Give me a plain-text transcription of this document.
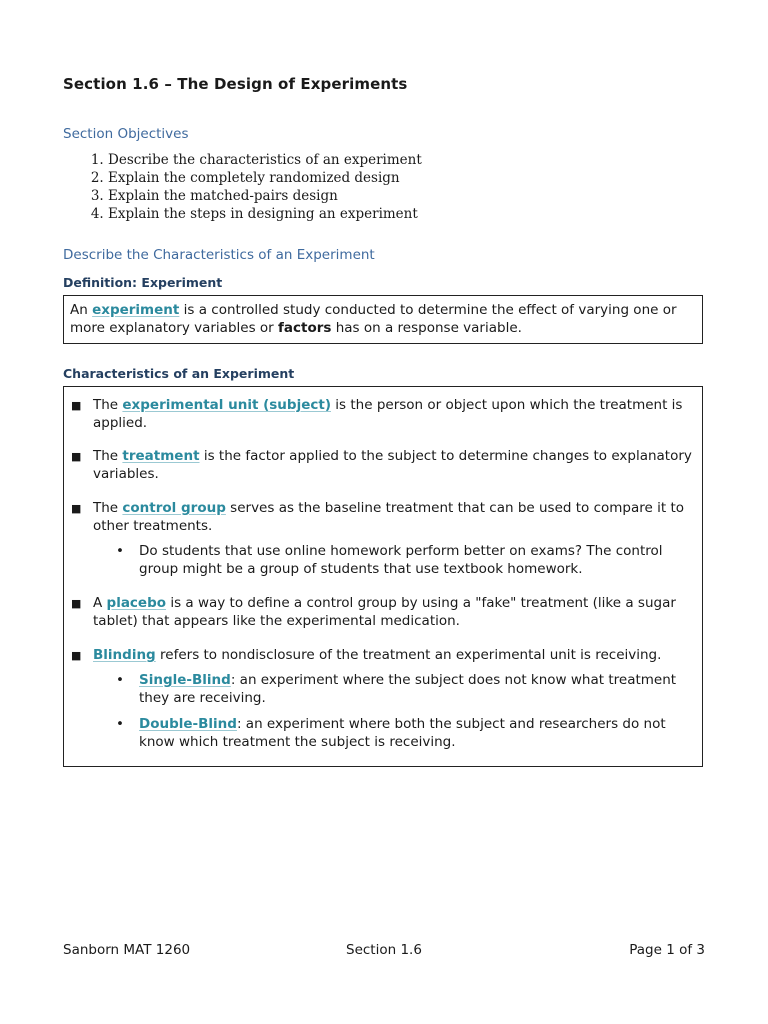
Section 1.6 – The Design of Experiments
Section Objectives
1. Describe the characteristics of an experiment
2. Explain the completely randomized design
3. Explain the matched-pairs design
4. Explain the steps in designing an experiment
Describe the Characteristics of an Experiment
Definition: Experiment

An experiment is a controlled study conducted to determine the effect of varying one or more explanatory variables or factors has on a response variable.

Characteristics of an Experiment
■ The experimental unit (subject) is the person or object upon which the treatment is applied.
■ The treatment is the factor applied to the subject to determine changes to explanatory variables.
■ The control group serves as the baseline treatment that can be used to compare it to other treatments.
• Do students that use online homework perform better on exams? The control group might be a group of students that use textbook homework.
■ A placebo is a way to define a control group by using a "fake" treatment (like a sugar tablet) that appears like the experimental medication.
■ Blinding refers to nondisclosure of the treatment an experimental unit is receiving.
• Single-Blind: an experiment where the subject does not know what treatment they are receiving.
• Double-Blind: an experiment where both the subject and researchers do not know which treatment the subject is receiving.
Sanborn MAT 1260	Section 1.6	Page 1 of 3
